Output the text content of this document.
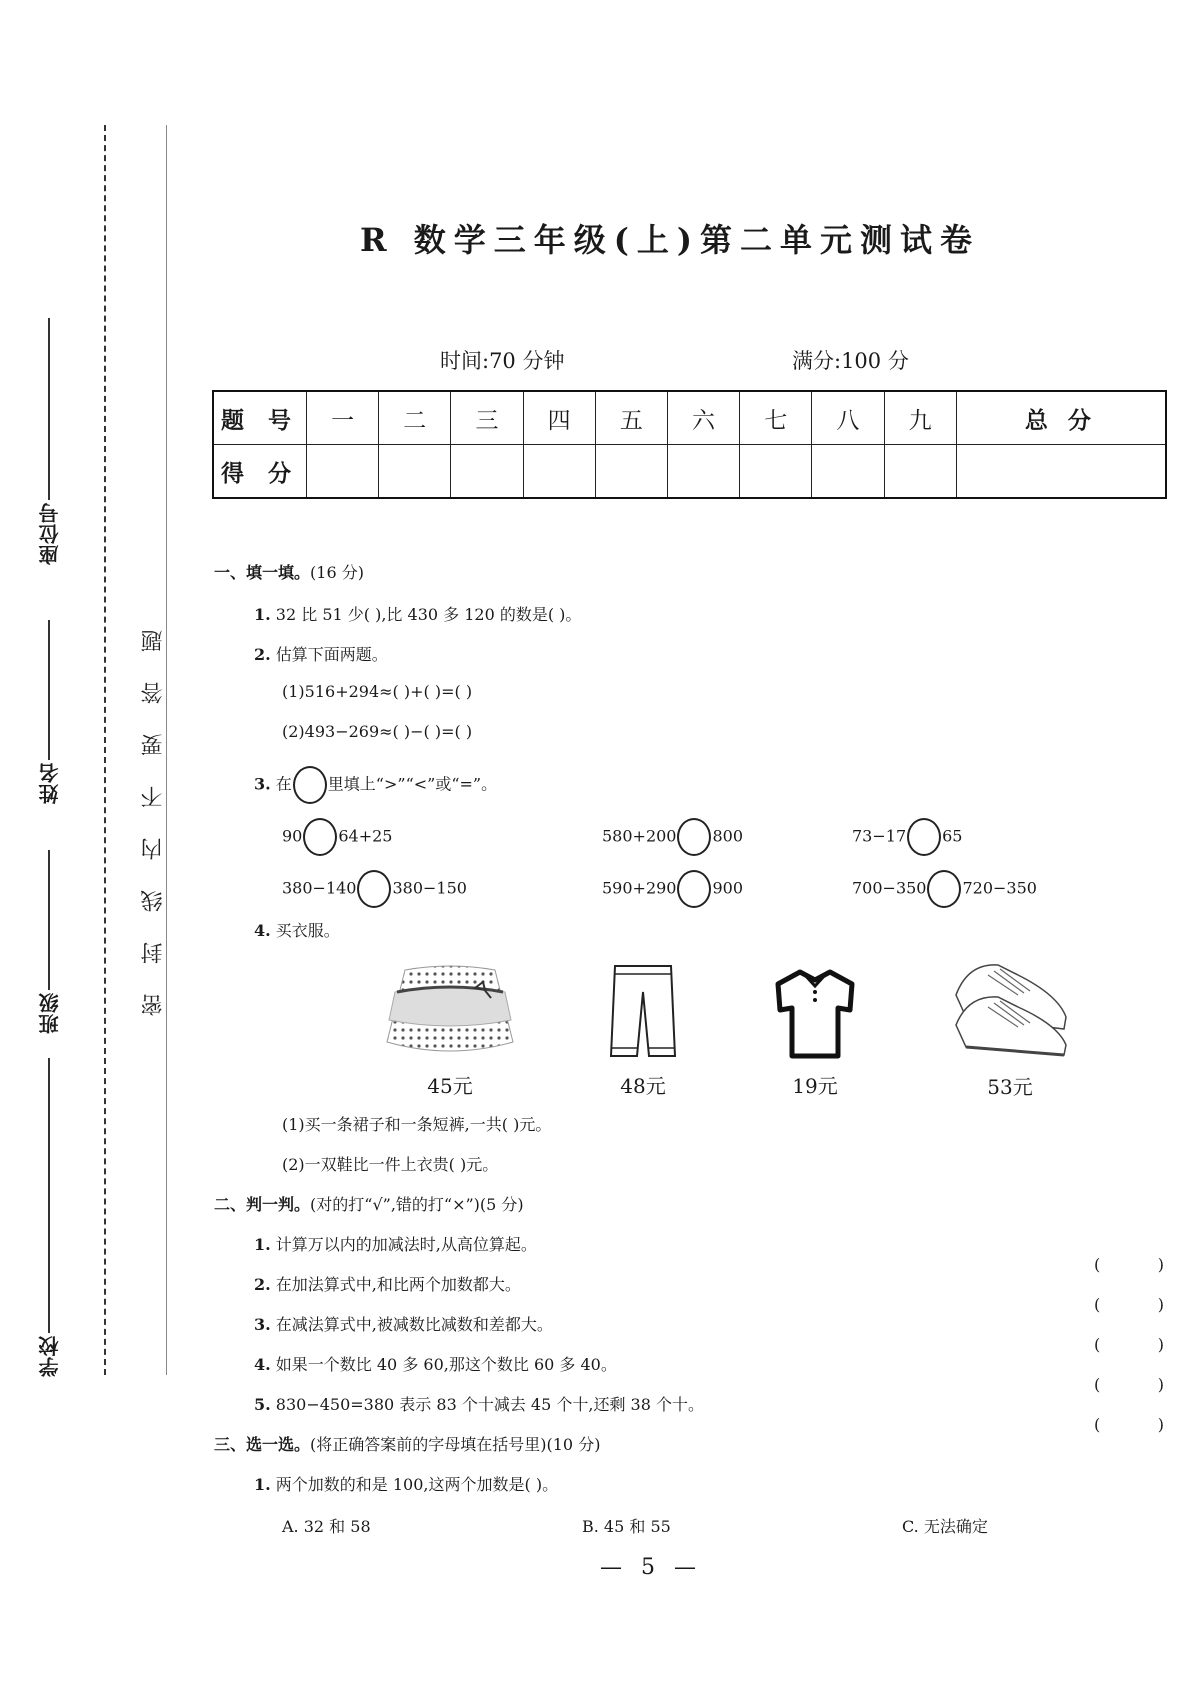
座位号
姓名
班级
学校
密封线内不要答题
R 数学三年级(上)第二单元测试卷
时间:70 分钟	满分:100 分
题 号	一	二	三	四	五	六	七	八	九	总 分
得 分										
一、填一填。(16 分)
1. 32 比 51 少( ),比 430 多 120 的数是( )。
2. 估算下面两题。
(1)516+294≈( )+( )=( )
(2)493−269≈( )−( )=( )
3. 在 里填上“>”“<”或“=”。
90 64+25	580+200 800	73−17 65
380−140 380−150	590+290 900	700−350 720−350
4. 买衣服。
45元	48元	19元	53元
(1)买一条裙子和一条短裤,一共( )元。
(2)一双鞋比一件上衣贵( )元。
二、判一判。(对的打“√”,错的打“×”)(5 分)
1. 计算万以内的加减法时,从高位算起。
(	)
2. 在加法算式中,和比两个加数都大。
(	)
3. 在减法算式中,被减数比减数和差都大。
(	)
4. 如果一个数比 40 多 60,那这个数比 60 多 40。
(	)
5. 830−450=380 表示 83 个十减去 45 个十,还剩 38 个十。
(	)
三、选一选。(将正确答案前的字母填在括号里)(10 分)
1. 两个加数的和是 100,这两个加数是( )。
A. 32 和 58	B. 45 和 55	C. 无法确定
— 5 —
